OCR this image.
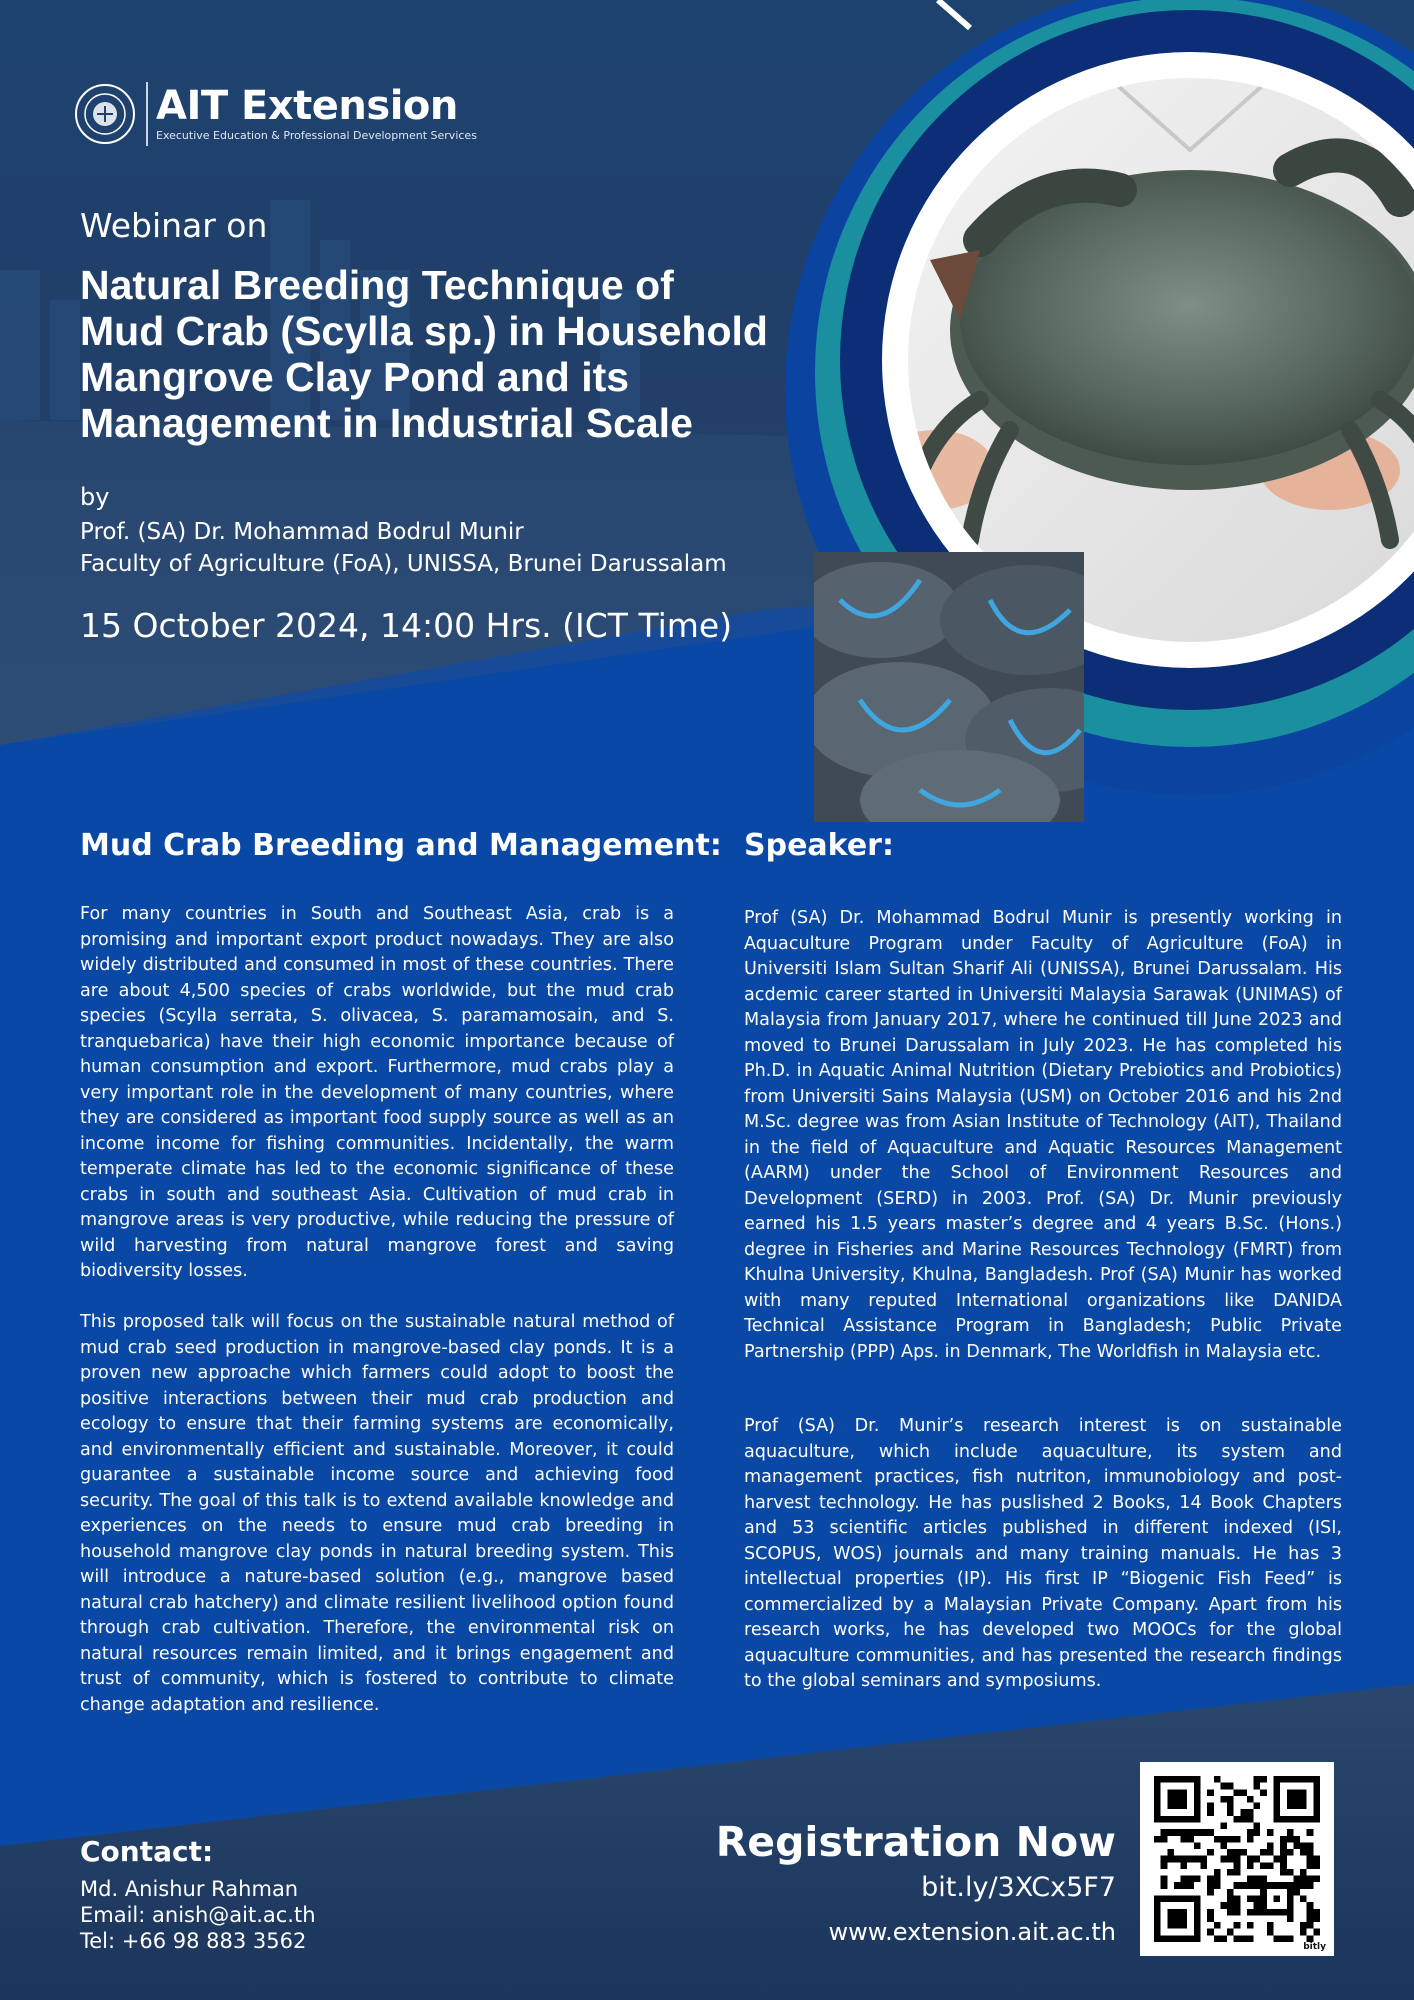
AIT Extension
Executive Education & Professional Development Services
Webinar on
Natural Breeding Technique of
Mud Crab (Scylla sp.) in Household
Mangrove Clay Pond and its
Management in Industrial Scale
by
Prof. (SA) Dr. Mohammad Bodrul Munir
Faculty of Agriculture (FoA), UNISSA, Brunei Darussalam
15 October 2024, 14:00 Hrs. (ICT Time)
Mud Crab Breeding and Management: Speaker:
For many countries in South and Southeast Asia, crab is a promising and important export product nowadays. They are also widely distributed and consumed in most of these countries. There are about 4,500 species of crabs worldwide, but the mud crab species (Scylla serrata, S. olivacea, S. paramamosain, and S. tranquebarica) have their high economic importance because of human consumption and export. Furthermore, mud crabs play a very important role in the development of many countries, where they are considered as important food supply source as well as an income income for fishing communities. Incidentally, the warm temperate climate has led to the economic significance of these crabs in south and southeast Asia. Cultivation of mud crab in mangrove areas is very productive, while reducing the pressure of wild harvesting from natural mangrove forest and saving biodiversity losses.
This proposed talk will focus on the sustainable natural method of mud crab seed production in mangrove-based clay ponds. It is a proven new approache which farmers could adopt to boost the positive interactions between their mud crab production and ecology to ensure that their farming systems are economically, and environmentally efficient and sustainable. Moreover, it could guarantee a sustainable income source and achieving food security. The goal of this talk is to extend available knowledge and experiences on the needs to ensure mud crab breeding in household mangrove clay ponds in natural breeding system. This will introduce a nature-based solution (e.g., mangrove based natural crab hatchery) and climate resilient livelihood option found through crab cultivation. Therefore, the environmental risk on natural resources remain limited, and it brings engagement and trust of community, which is fostered to contribute to climate change adaptation and resilience.
Prof (SA) Dr. Mohammad Bodrul Munir is presently working in Aquaculture Program under Faculty of Agriculture (FoA) in Universiti Islam Sultan Sharif Ali (UNISSA), Brunei Darussalam. His acdemic career started in Universiti Malaysia Sarawak (UNIMAS) of Malaysia from January 2017, where he continued till June 2023 and moved to Brunei Darussalam in July 2023. He has completed his Ph.D. in Aquatic Animal Nutrition (Dietary Prebiotics and Probiotics) from Universiti Sains Malaysia (USM) on October 2016 and his 2nd M.Sc. degree was from Asian Institute of Technology (AIT), Thailand in the field of Aquaculture and Aquatic Resources Management (AARM) under the School of Environment Resources and Development (SERD) in 2003. Prof. (SA) Dr. Munir previously earned his 1.5 years master’s degree and 4 years B.Sc. (Hons.) degree in Fisheries and Marine Resources Technology (FMRT) from Khulna University, Khulna, Bangladesh. Prof (SA) Munir has worked with many reputed International organizations like DANIDA Technical Assistance Program in Bangladesh; Public Private Partnership (PPP) Aps. in Denmark, The Worldfish in Malaysia etc.
Prof (SA) Dr. Munir’s research interest is on sustainable aquaculture, which include aquaculture, its system and management practices, fish nutriton, immunobiology and post-harvest technology. He has puslished 2 Books, 14 Book Chapters and 53 scientific articles published in different indexed (ISI, SCOPUS, WOS) journals and many training manuals. He has 3 intellectual properties (IP). His first IP “Biogenic Fish Feed” is commercialized by a Malaysian Private Company. Apart from his research works, he has developed two MOOCs for the global aquaculture communities, and has presented the research findings to the global seminars and symposiums.
Contact:
Md. Anishur Rahman
Email: anish@ait.ac.th
Tel: +66 98 883 3562
Registration Now
bit.ly/3XCx5F7
www.extension.ait.ac.th
bitly
